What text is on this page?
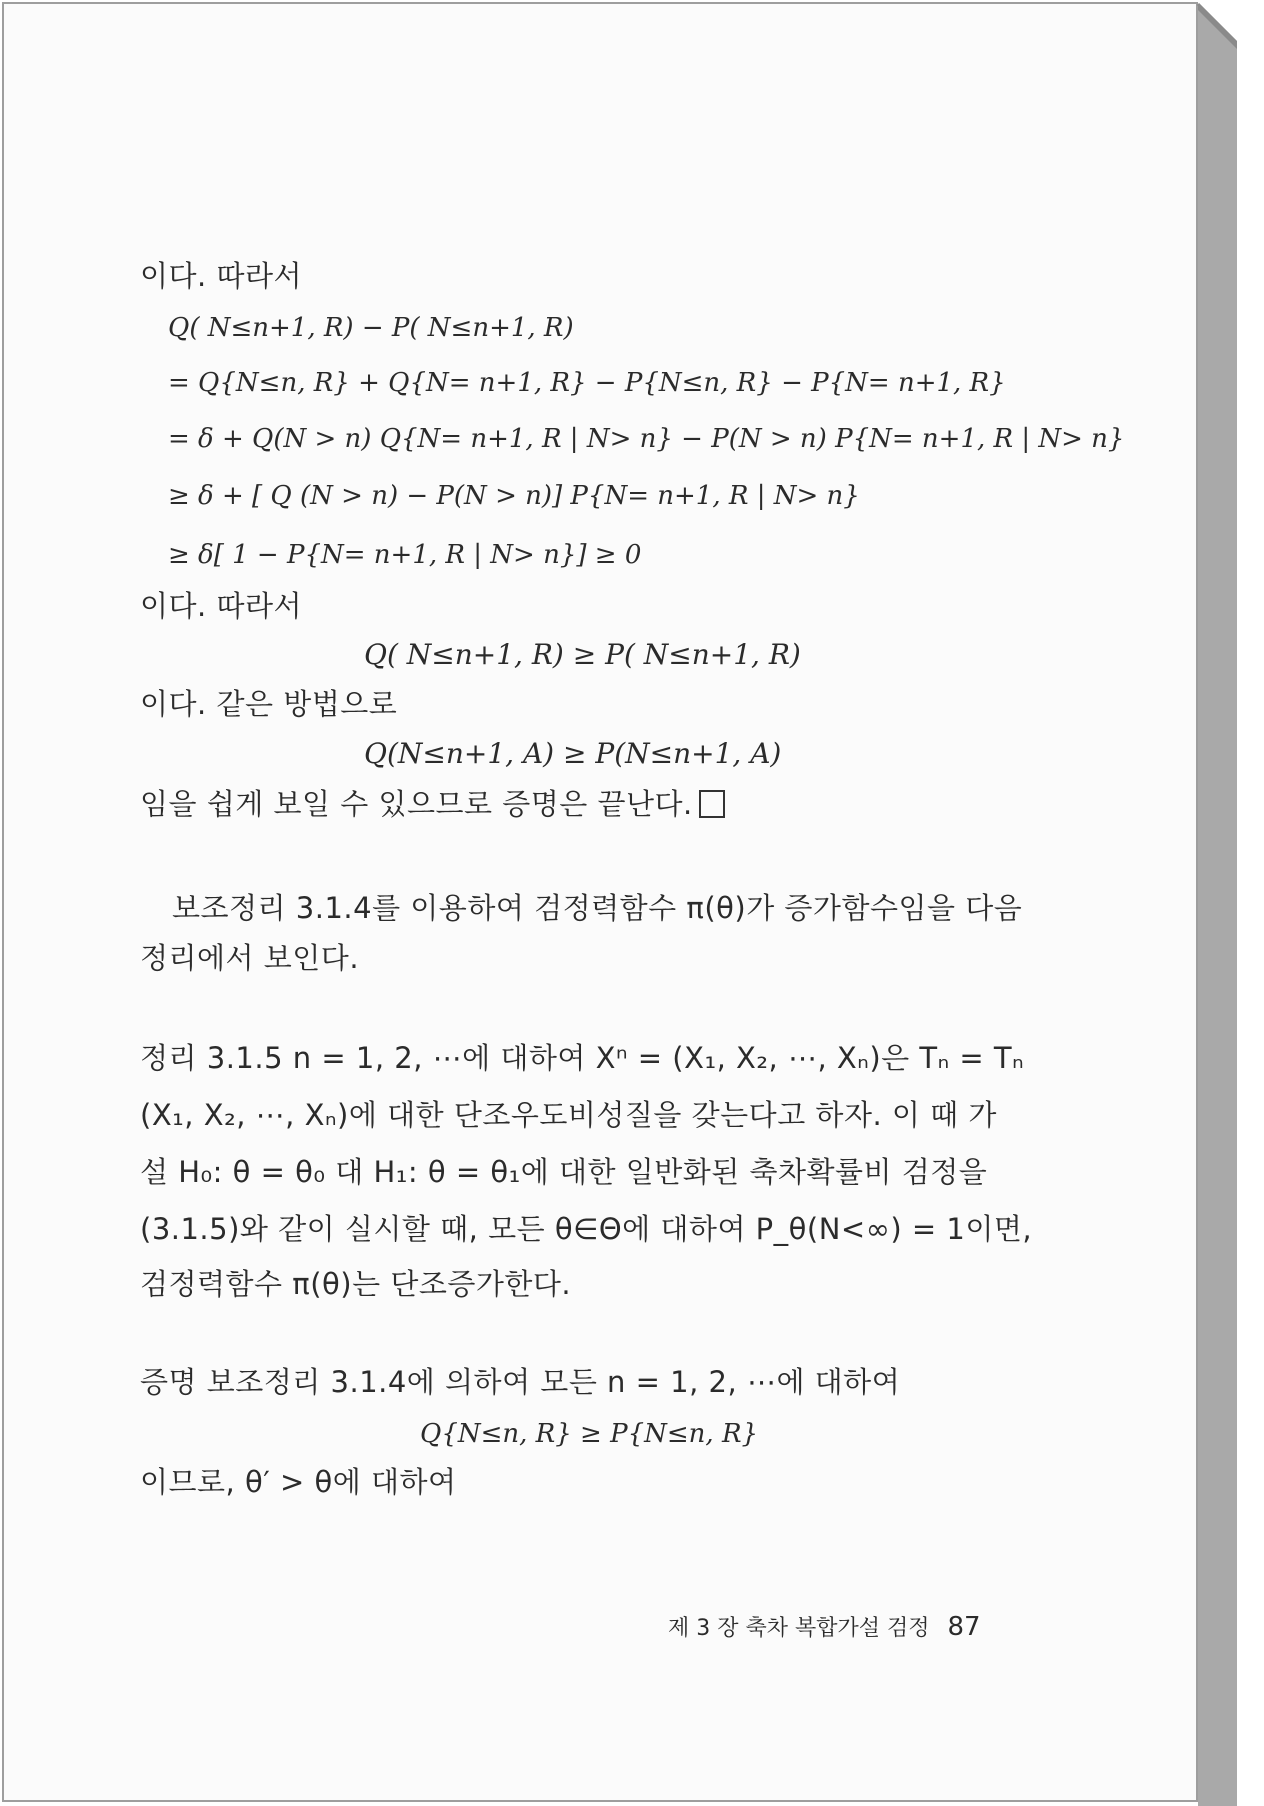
이다. 따라서
Q( N≤n+1, R) − P( N≤n+1, R)
= Q{N≤n, R} + Q{N= n+1, R} − P{N≤n, R} − P{N= n+1, R}
= δ + Q(N > n) Q{N= n+1, R | N> n} − P(N > n) P{N= n+1, R | N> n}
≥ δ + [ Q (N > n) − P(N > n)] P{N= n+1, R | N> n}
≥ δ[ 1 − P{N= n+1, R | N> n}] ≥ 0
이다. 따라서
Q( N≤n+1, R) ≥ P( N≤n+1, R)
이다. 같은 방법으로
Q(N≤n+1, A) ≥ P(N≤n+1, A)
임을 쉽게 보일 수 있으므로 증명은 끝난다.
보조정리 3.1.4를 이용하여 검정력함수 π(θ)가 증가함수임을 다음
정리에서 보인다.
정리 3.1.5 n = 1, 2, ⋯에 대하여 Xⁿ = (X₁, X₂, ⋯, Xₙ)은 Tₙ = Tₙ
(X₁, X₂, ⋯, Xₙ)에 대한 단조우도비성질을 갖는다고 하자. 이 때 가
설 H₀: θ = θ₀ 대 H₁: θ = θ₁에 대한 일반화된 축차확률비 검정을
(3.1.5)와 같이 실시할 때, 모든 θ∈Θ에 대하여 P_θ(N<∞) = 1이면,
검정력함수 π(θ)는 단조증가한다.
증명 보조정리 3.1.4에 의하여 모든 n = 1, 2, ⋯에 대하여
Q{N≤n, R} ≥ P{N≤n, R}
이므로, θ′ > θ에 대하여
제 3 장 축차 복합가설 검정 87
